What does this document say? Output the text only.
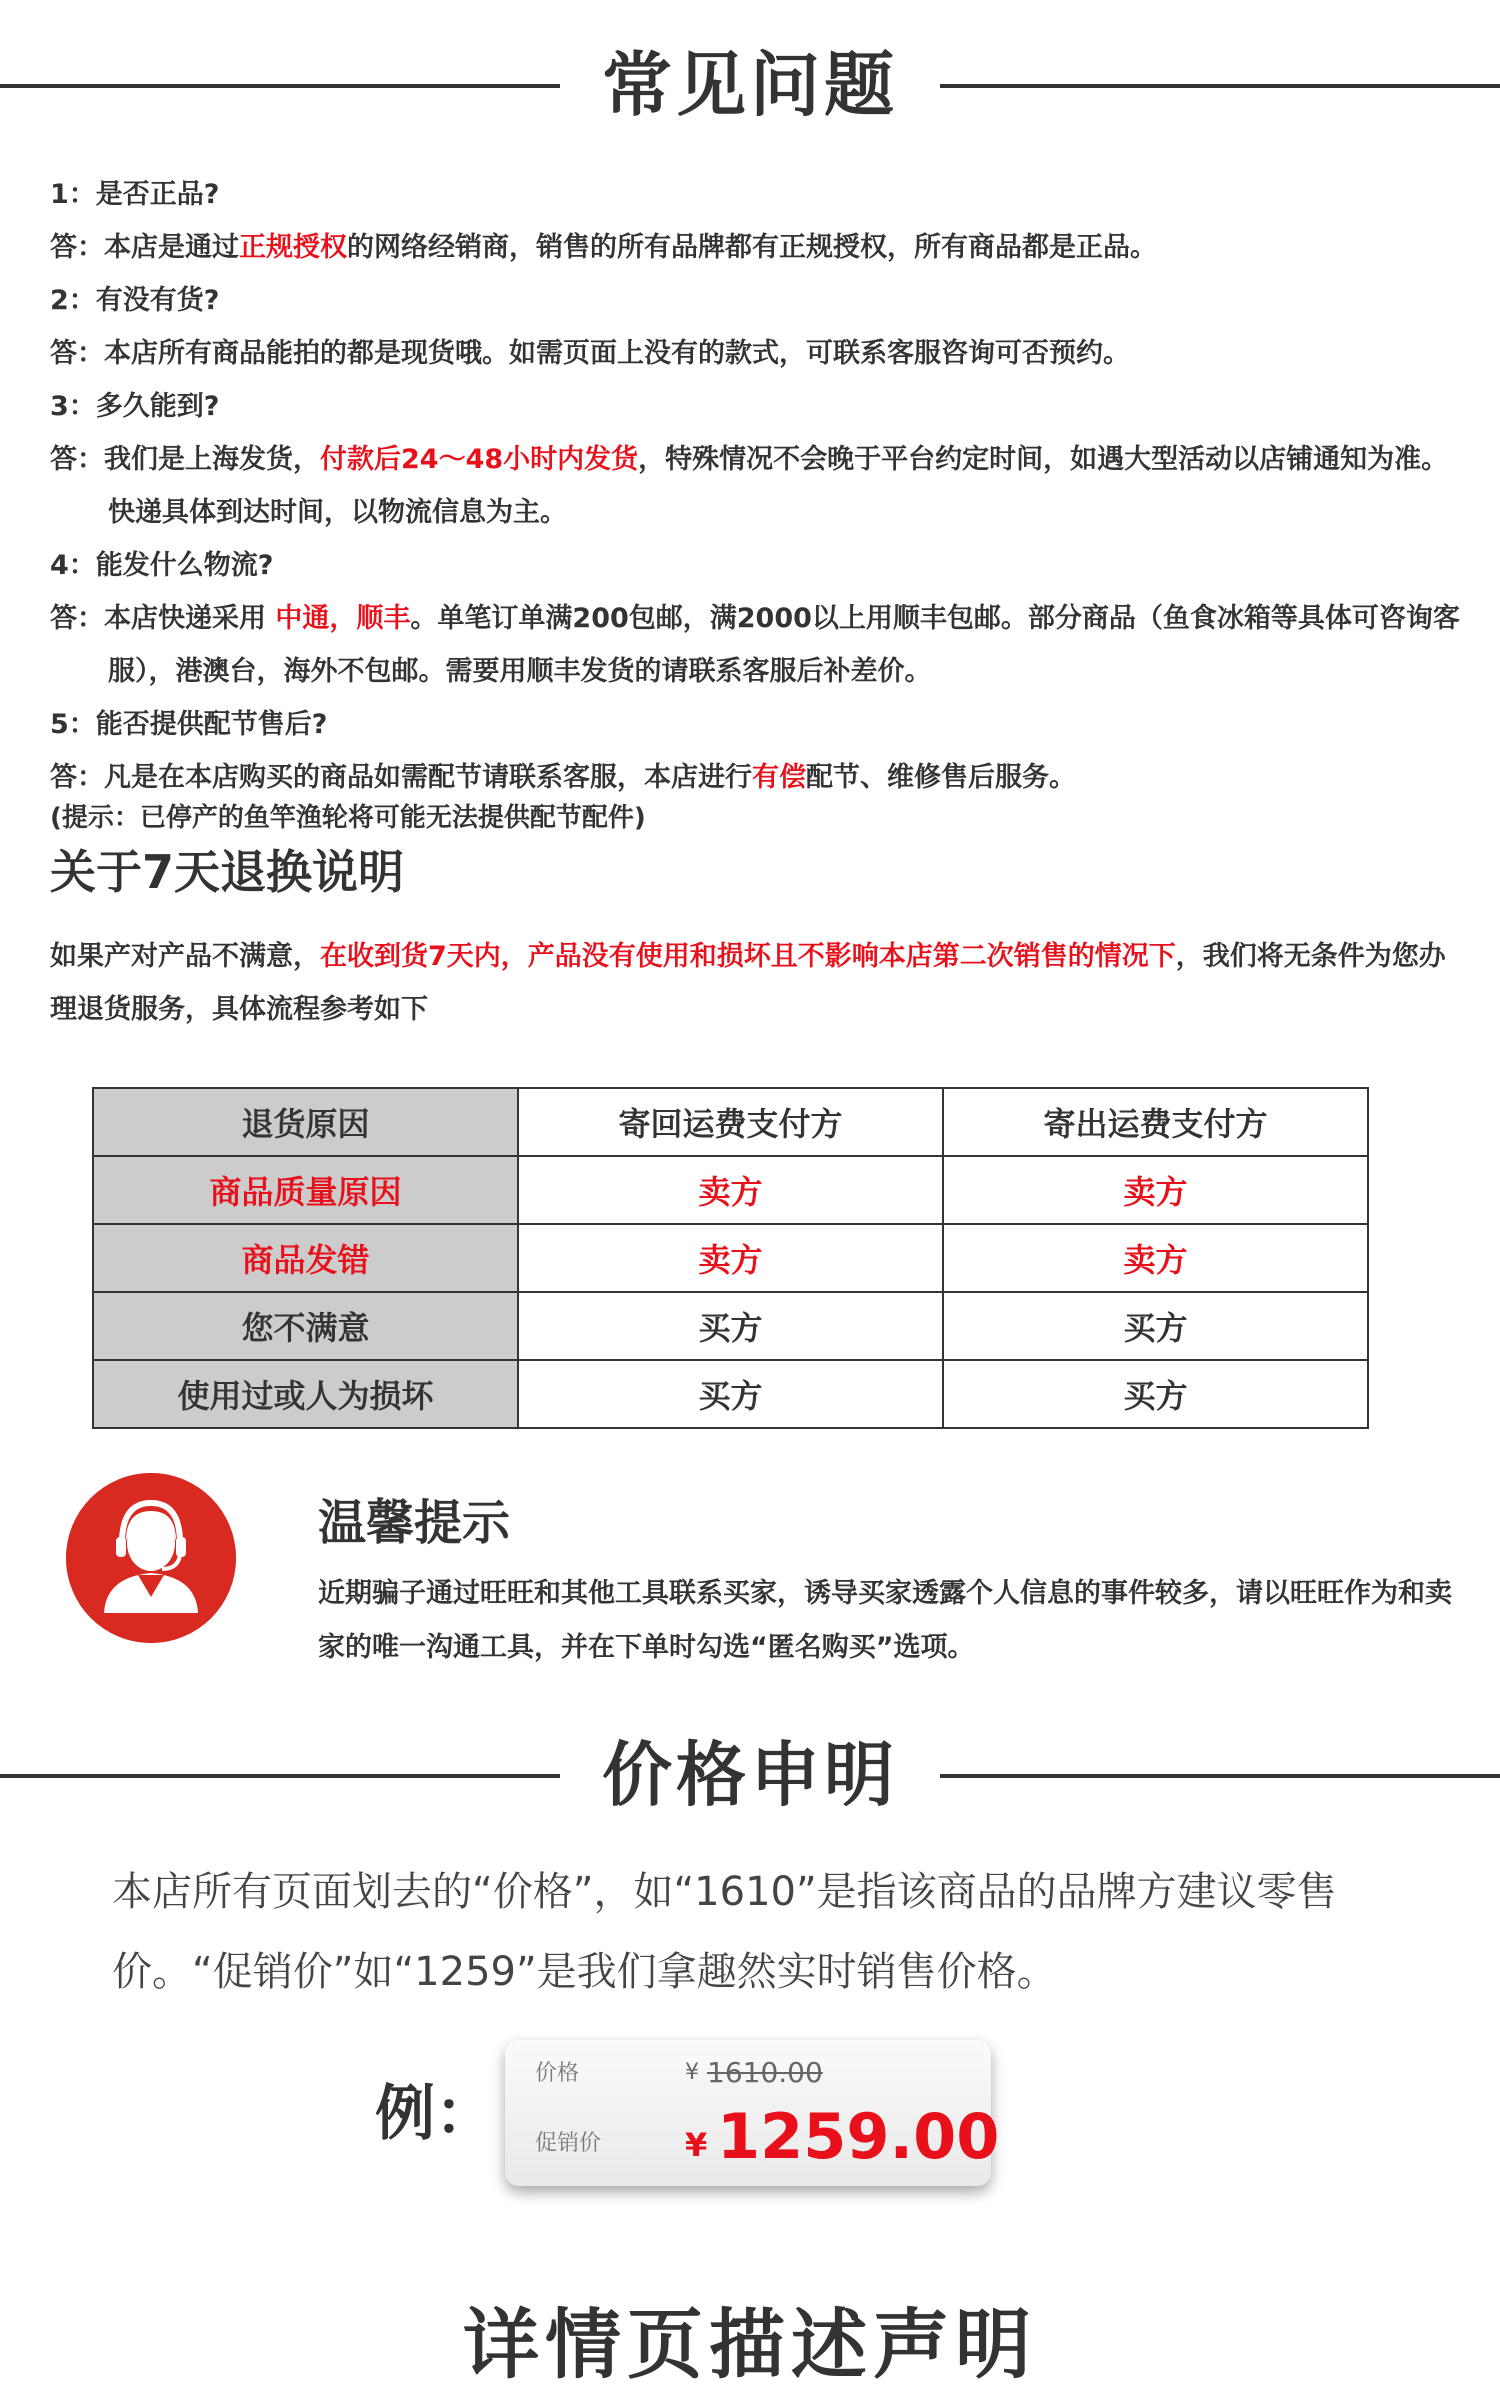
常见问题
1：是否正品?
答：本店是通过正规授权的网络经销商，销售的所有品牌都有正规授权，所有商品都是正品。
2：有没有货?
答：本店所有商品能拍的都是现货哦。如需页面上没有的款式，可联系客服咨询可否预约。
3：多久能到?
答：我们是上海发货，付款后24～48小时内发货，特殊情况不会晚于平台约定时间，如遇大型活动以店铺通知为准。快递具体到达时间，以物流信息为主。
4：能发什么物流?
答：本店快递采用 中通，顺丰。单笔订单满200包邮，满2000以上用顺丰包邮。部分商品（鱼食冰箱等具体可咨询客服），港澳台，海外不包邮。需要用顺丰发货的请联系客服后补差价。
5：能否提供配节售后?
答：凡是在本店购买的商品如需配节请联系客服，本店进行有偿配节、维修售后服务。
(提示：已停产的鱼竿渔轮将可能无法提供配节配件)
关于7天退换说明
如果产对产品不满意，在收到货7天内，产品没有使用和损坏且不影响本店第二次销售的情况下，我们将无条件为您办理退货服务，具体流程参考如下
退货原因	寄回运费支付方	寄出运费支付方
商品质量原因	卖方	卖方
商品发错	卖方	卖方
您不满意	买方	买方
使用过或人为损坏	买方	买方
温馨提示
近期骗子通过旺旺和其他工具联系买家，诱导买家透露个人信息的事件较多，请以旺旺作为和卖家的唯一沟通工具，并在下单时勾选“匿名购买”选项。
价格申明
本店所有页面划去的“价格”，如“1610”是指该商品的品牌方建议零售价。“促销价”如“1259”是我们拿趣然实时销售价格。
例：
价格	¥ 1610.00
促销价	¥ 1259.00
详情页描述声明
